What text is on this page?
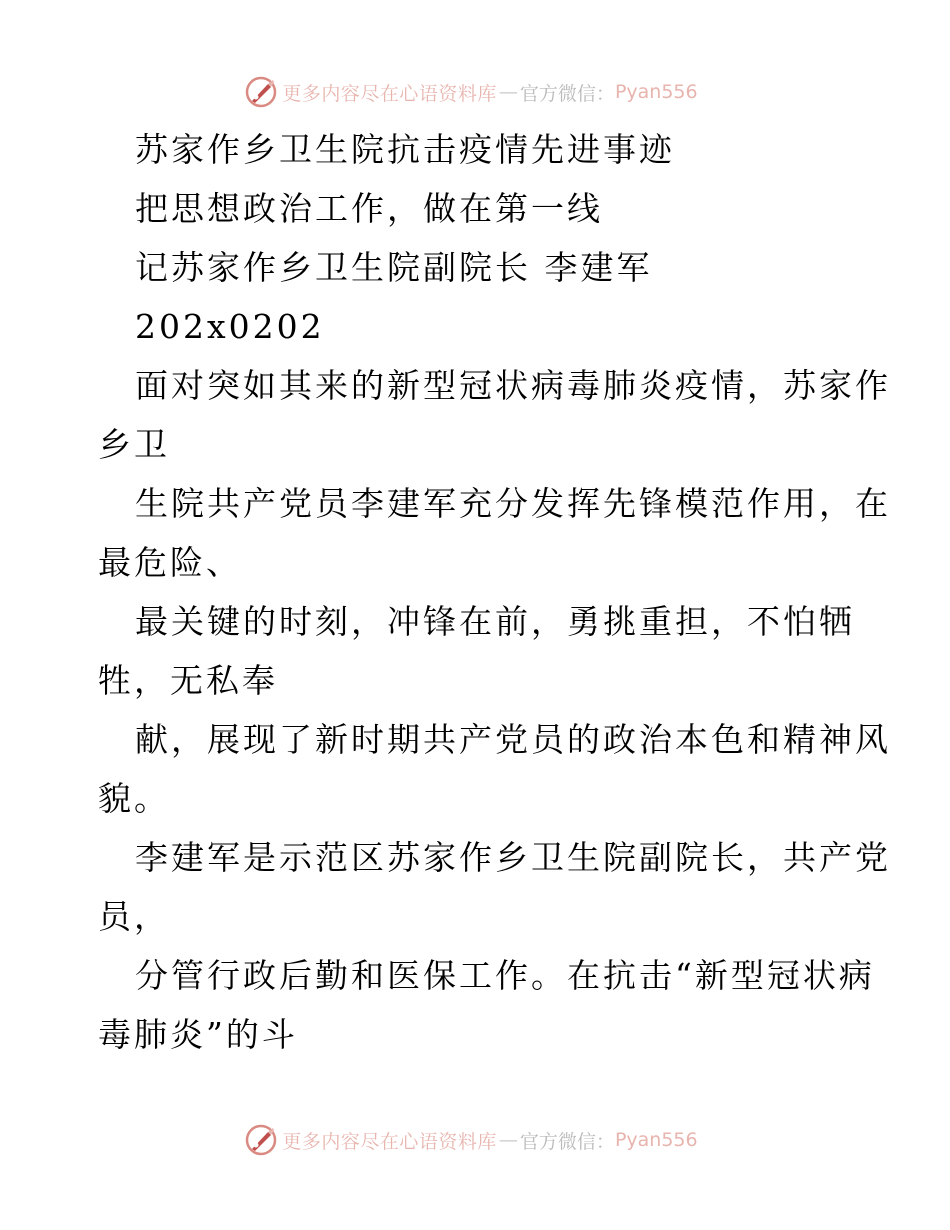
更多内容尽在心语资料库 — 官方微信： Pyan556
苏家作乡卫生院抗击疫情先进事迹
把思想政治工作，做在第一线
记苏家作乡卫生院副院长 李建军
202x0202
面对突如其来的新型冠状病毒肺炎疫情，苏家作
乡卫
生院共产党员李建军充分发挥先锋模范作用，在
最危险、
最关键的时刻，冲锋在前，勇挑重担，不怕牺
牲，无私奉
献，展现了新时期共产党员的政治本色和精神风
貌。
李建军是示范区苏家作乡卫生院副院长，共产党
员，
分管行政后勤和医保工作。在抗击“新型冠状病
毒肺炎”的斗
更多内容尽在心语资料库 — 官方微信： Pyan556
